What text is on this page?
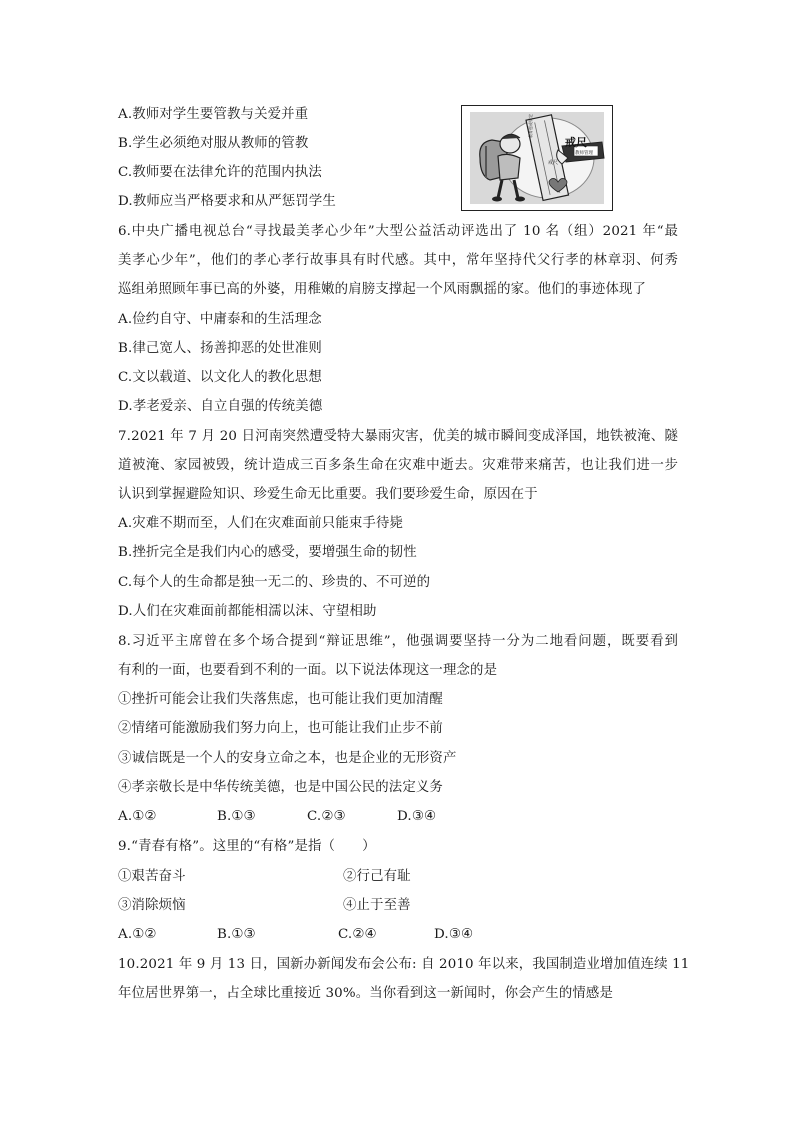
A.教师对学生要管教与关爱并重
B.学生必须绝对服从教师的管教
C.教师要在法律允许的范围内执法
D.教师应当严格要求和从严惩罚学生
戒尺
教育惩戒规定
戒尺
教师管理
6.中央广播电视总台“寻找最美孝心少年”大型公益活动评选出了 10 名（组）2021 年“最
美孝心少年”，他们的孝心孝行故事具有时代感。其中，常年坚持代父行孝的林章羽、何秀
巡组弟照顾年事已高的外婆，用稚嫩的肩膀支撑起一个风雨飘摇的家。他们的事迹体现了
A.俭约自守、中庸泰和的生活理念
B.律己宽人、扬善抑恶的处世准则
C.文以载道、以文化人的教化思想
D.孝老爱亲、自立自强的传统美德
7.2021 年 7 月 20 日河南突然遭受特大暴雨灾害，优美的城市瞬间变成泽国，地铁被淹、隧
道被淹、家园被毁，统计造成三百多条生命在灾难中逝去。灾难带来痛苦，也让我们进一步
认识到掌握避险知识、珍爱生命无比重要。我们要珍爱生命，原因在于
A.灾难不期而至，人们在灾难面前只能束手待毙
B.挫折完全是我们内心的感受，要增强生命的韧性
C.每个人的生命都是独一无二的、珍贵的、不可逆的
D.人们在灾难面前都能相濡以沫、守望相助
8.习近平主席曾在多个场合提到“辩证思维”，他强调要坚持一分为二地看问题，既要看到
有利的一面，也要看到不利的一面。以下说法体现这一理念的是
①挫折可能会让我们失落焦虑，也可能让我们更加清醒
②情绪可能激励我们努力向上，也可能让我们止步不前
③诚信既是一个人的安身立命之本，也是企业的无形资产
④孝亲敬长是中华传统美德，也是中国公民的法定义务
A.①②	B.①③	C.②③	D.③④
9.“青春有格”。这里的“有格”是指（　　）
①艰苦奋斗	②行己有耻
③消除烦恼	④止于至善
A.①②	B.①③	C.②④	D.③④
10.2021 年 9 月 13 日，国新办新闻发布会公布: 自 2010 年以来，我国制造业增加值连续 11
年位居世界第一，占全球比重接近 30%。当你看到这一新闻时，你会产生的情感是
